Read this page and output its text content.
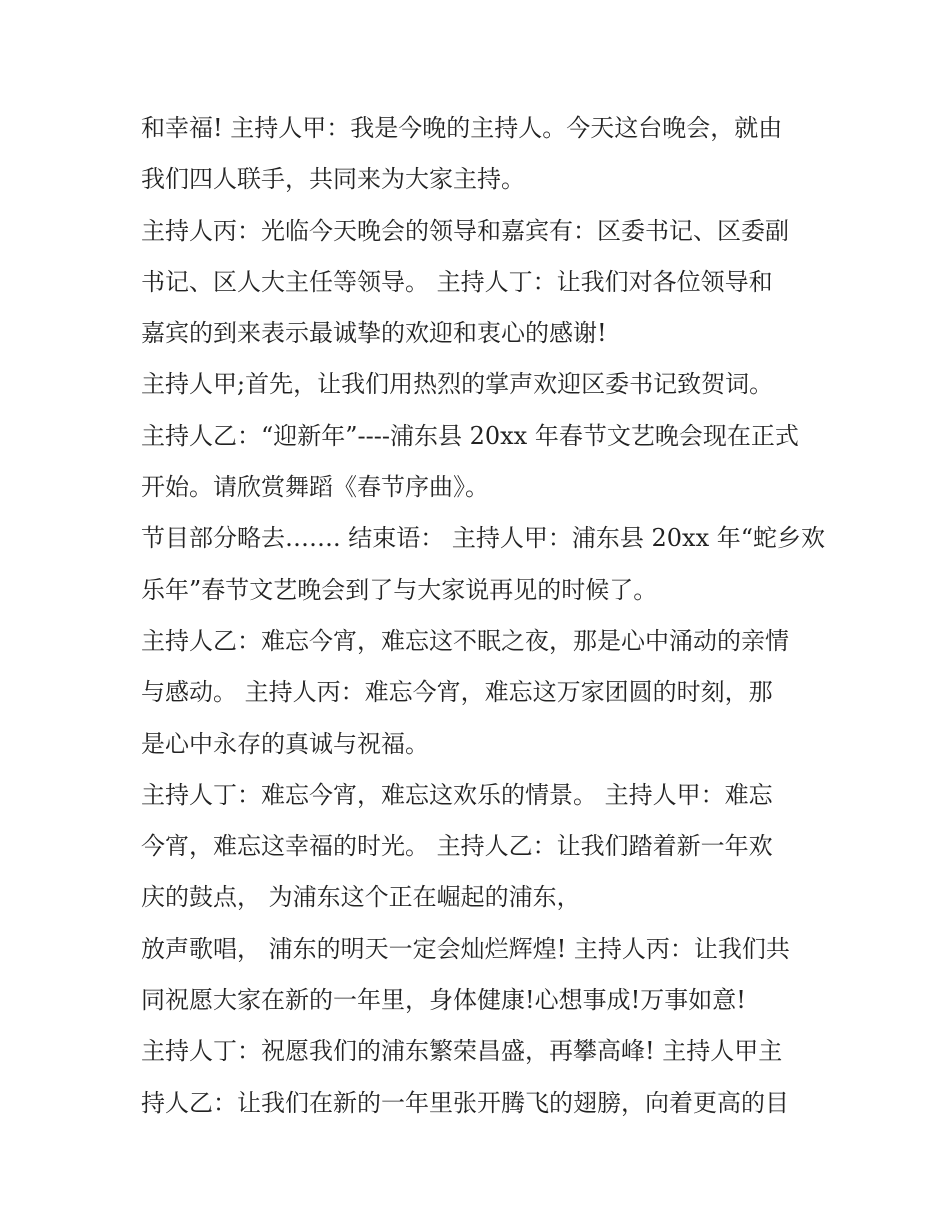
和幸福! 主持人甲：我是今晚的主持人。今天这台晚会，就由
我们四人联手，共同来为大家主持。
主持人丙：光临今天晚会的领导和嘉宾有：区委书记、区委副
书记、区人大主任等领导。 主持人丁：让我们对各位领导和
嘉宾的到来表示最诚挚的欢迎和衷心的感谢!
主持人甲;首先，让我们用热烈的掌声欢迎区委书记致贺词。
主持人乙：“迎新年”----浦东县 20xx 年春节文艺晚会现在正式
开始。请欣赏舞蹈《春节序曲》。
节目部分略去……. 结束语： 主持人甲：浦东县 20xx 年“蛇乡欢
乐年”春节文艺晚会到了与大家说再见的时候了。
主持人乙：难忘今宵，难忘这不眠之夜，那是心中涌动的亲情
与感动。 主持人丙：难忘今宵，难忘这万家团圆的时刻，那
是心中永存的真诚与祝福。
主持人丁：难忘今宵，难忘这欢乐的情景。 主持人甲：难忘
今宵，难忘这幸福的时光。 主持人乙：让我们踏着新一年欢
庆的鼓点， 为浦东这个正在崛起的浦东，
放声歌唱， 浦东的明天一定会灿烂辉煌! 主持人丙：让我们共
同祝愿大家在新的一年里，身体健康!心想事成!万事如意!
主持人丁：祝愿我们的浦东繁荣昌盛，再攀高峰! 主持人甲主
持人乙：让我们在新的一年里张开腾飞的翅膀，向着更高的目
